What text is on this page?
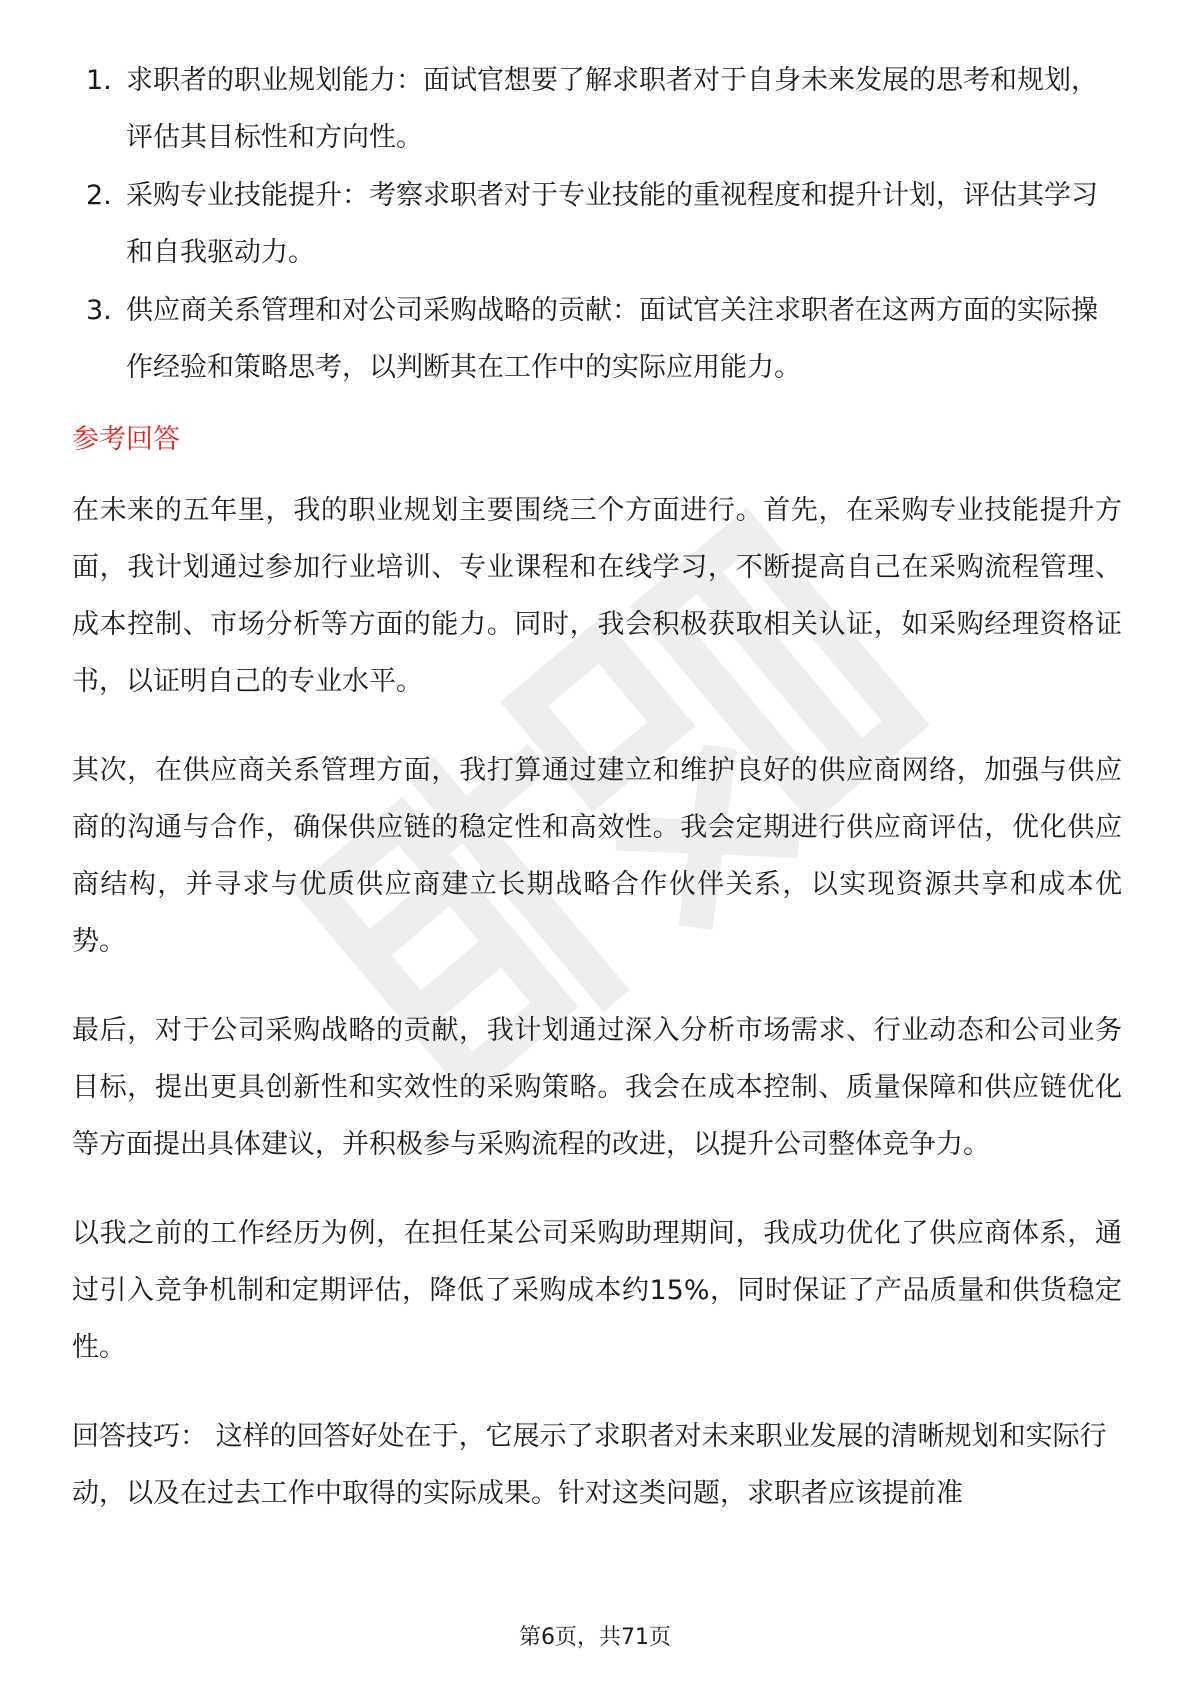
1. 求职者的职业规划能力：面试官想要了解求职者对于自身未来发展的思考和规划，评估其目标性和方向性。
2. 采购专业技能提升：考察求职者对于专业技能的重视程度和提升计划，评估其学习和自我驱动力。
3. 供应商关系管理和对公司采购战略的贡献：面试官关注求职者在这两方面的实际操作经验和策略思考，以判断其在工作中的实际应用能力。
参考回答

在未来的五年里，我的职业规划主要围绕三个方面进行。首先，在采购专业技能提升方面，我计划通过参加行业培训、专业课程和在线学习，不断提高自己在采购流程管理、成本控制、市场分析等方面的能力。同时，我会积极获取相关认证，如采购经理资格证书，以证明自己的专业水平。

其次，在供应商关系管理方面，我打算通过建立和维护良好的供应商网络，加强与供应商的沟通与合作，确保供应链的稳定性和高效性。我会定期进行供应商评估，优化供应商结构，并寻求与优质供应商建立长期战略合作伙伴关系，以实现资源共享和成本优势。

最后，对于公司采购战略的贡献，我计划通过深入分析市场需求、行业动态和公司业务目标，提出更具创新性和实效性的采购策略。我会在成本控制、质量保障和供应链优化等方面提出具体建议，并积极参与采购流程的改进，以提升公司整体竞争力。

以我之前的工作经历为例，在担任某公司采购助理期间，我成功优化了供应商体系，通过引入竞争机制和定期评估，降低了采购成本约15%，同时保证了产品质量和供货稳定性。

回答技巧： 这样的回答好处在于，它展示了求职者对未来职业发展的清晰规划和实际行动，以及在过去工作中取得的实际成果。针对这类问题，求职者应该提前准

第6页，共71页
